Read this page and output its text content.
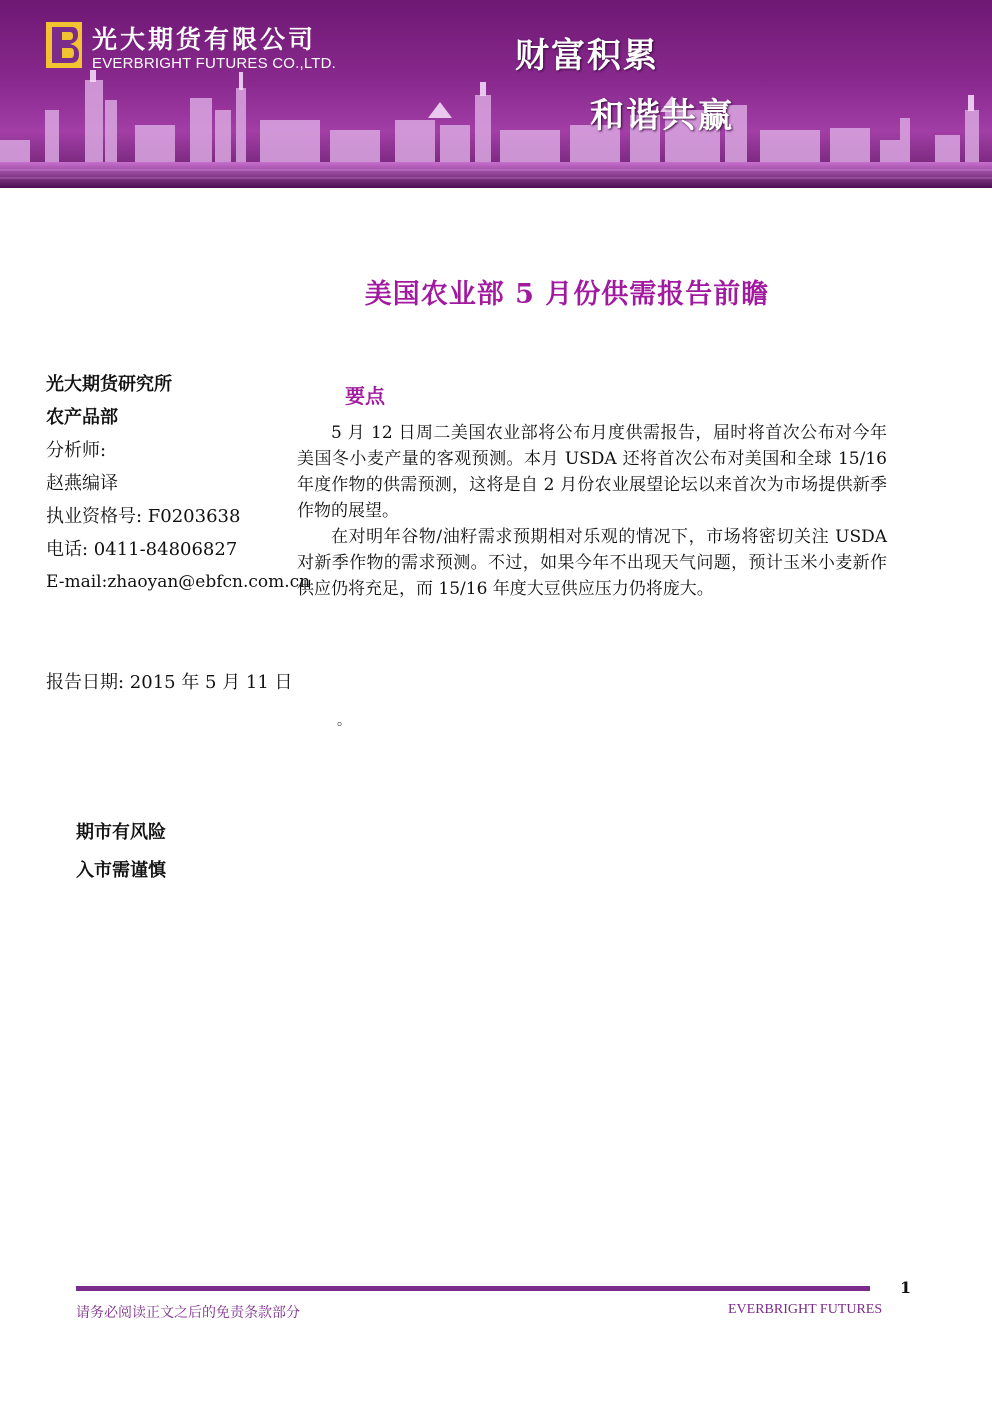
光大期货有限公司
EVERBRIGHT FUTURES CO.,LTD.	财富积累
和谐共赢
美国农业部 5 月份供需报告前瞻
光大期货研究所
农产品部
分析师:
赵燕编译
执业资格号: F0203638
电话: 0411-84806827
E-mail:zhaoyan@ebfcn.com.cn
报告日期: 2015 年 5 月 11 日
。
期市有风险
入市需谨慎
要点

5 月 12 日周二美国农业部将公布月度供需报告，届时将首次公布对今年美国冬小麦产量的客观预测。本月 USDA 还将首次公布对美国和全球 15/16 年度作物的供需预测，这将是自 2 月份农业展望论坛以来首次为市场提供新季作物的展望。

在对明年谷物/油籽需求预期相对乐观的情况下，市场将密切关注 USDA 对新季作物的需求预测。不过，如果今年不出现天气问题，预计玉米小麦新作供应仍将充足，而 15/16 年度大豆供应压力仍将庞大。

1
请务必阅读正文之后的免责条款部分	EVERBRIGHT FUTURES
